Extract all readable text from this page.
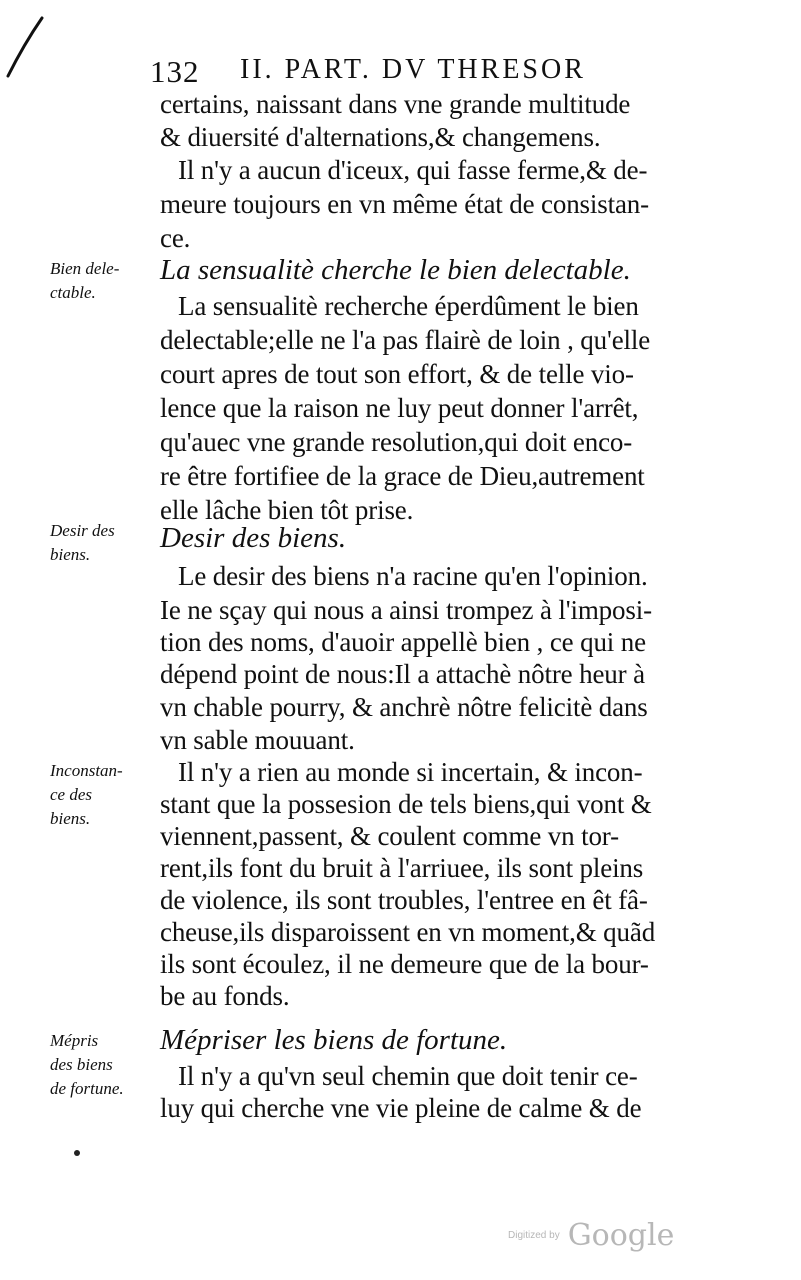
132 II. PART. DV THRESOR
Bien dele-
ctable.
Desir des
biens.
Inconstan-
ce des
biens.
Mépris
des biens
de fortune.
certains, naissant dans vne grande multitude
& diuersité d'alternations,& changemens.
Il n'y a aucun d'iceux, qui fasse ferme,& de-
meure toujours en vn même état de consistan-
ce.
La sensualitè cherche le bien delectable.
La sensualitè recherche éperdûment le bien
delectable;elle ne l'a pas flairè de loin , qu'elle
court apres de tout son effort, & de telle vio-
lence que la raison ne luy peut donner l'arrêt,
qu'auec vne grande resolution,qui doit enco-
re être fortifiee de la grace de Dieu,autrement
elle lâche bien tôt prise.
Desir des biens.
Le desir des biens n'a racine qu'en l'opinion.
Ie ne sçay qui nous a ainsi trompez à l'imposi-
tion des noms, d'auoir appellè bien , ce qui ne
dépend point de nous:Il a attachè nôtre heur à
vn chable pourry, & anchrè nôtre felicitè dans
vn sable mouuant.
Il n'y a rien au monde si incertain, & incon-
stant que la possesion de tels biens,qui vont &
viennent,passent, & coulent comme vn tor-
rent,ils font du bruit à l'arriuee, ils sont pleins
de violence, ils sont troubles, l'entree en êt fâ-
cheuse,ils disparoissent en vn moment,& quãd
ils sont écoulez, il ne demeure que de la bour-
be au fonds.
Mépriser les biens de fortune.
Il n'y a qu'vn seul chemin que doit tenir ce-
luy qui cherche vne vie pleine de calme & de
Digitized by Google
